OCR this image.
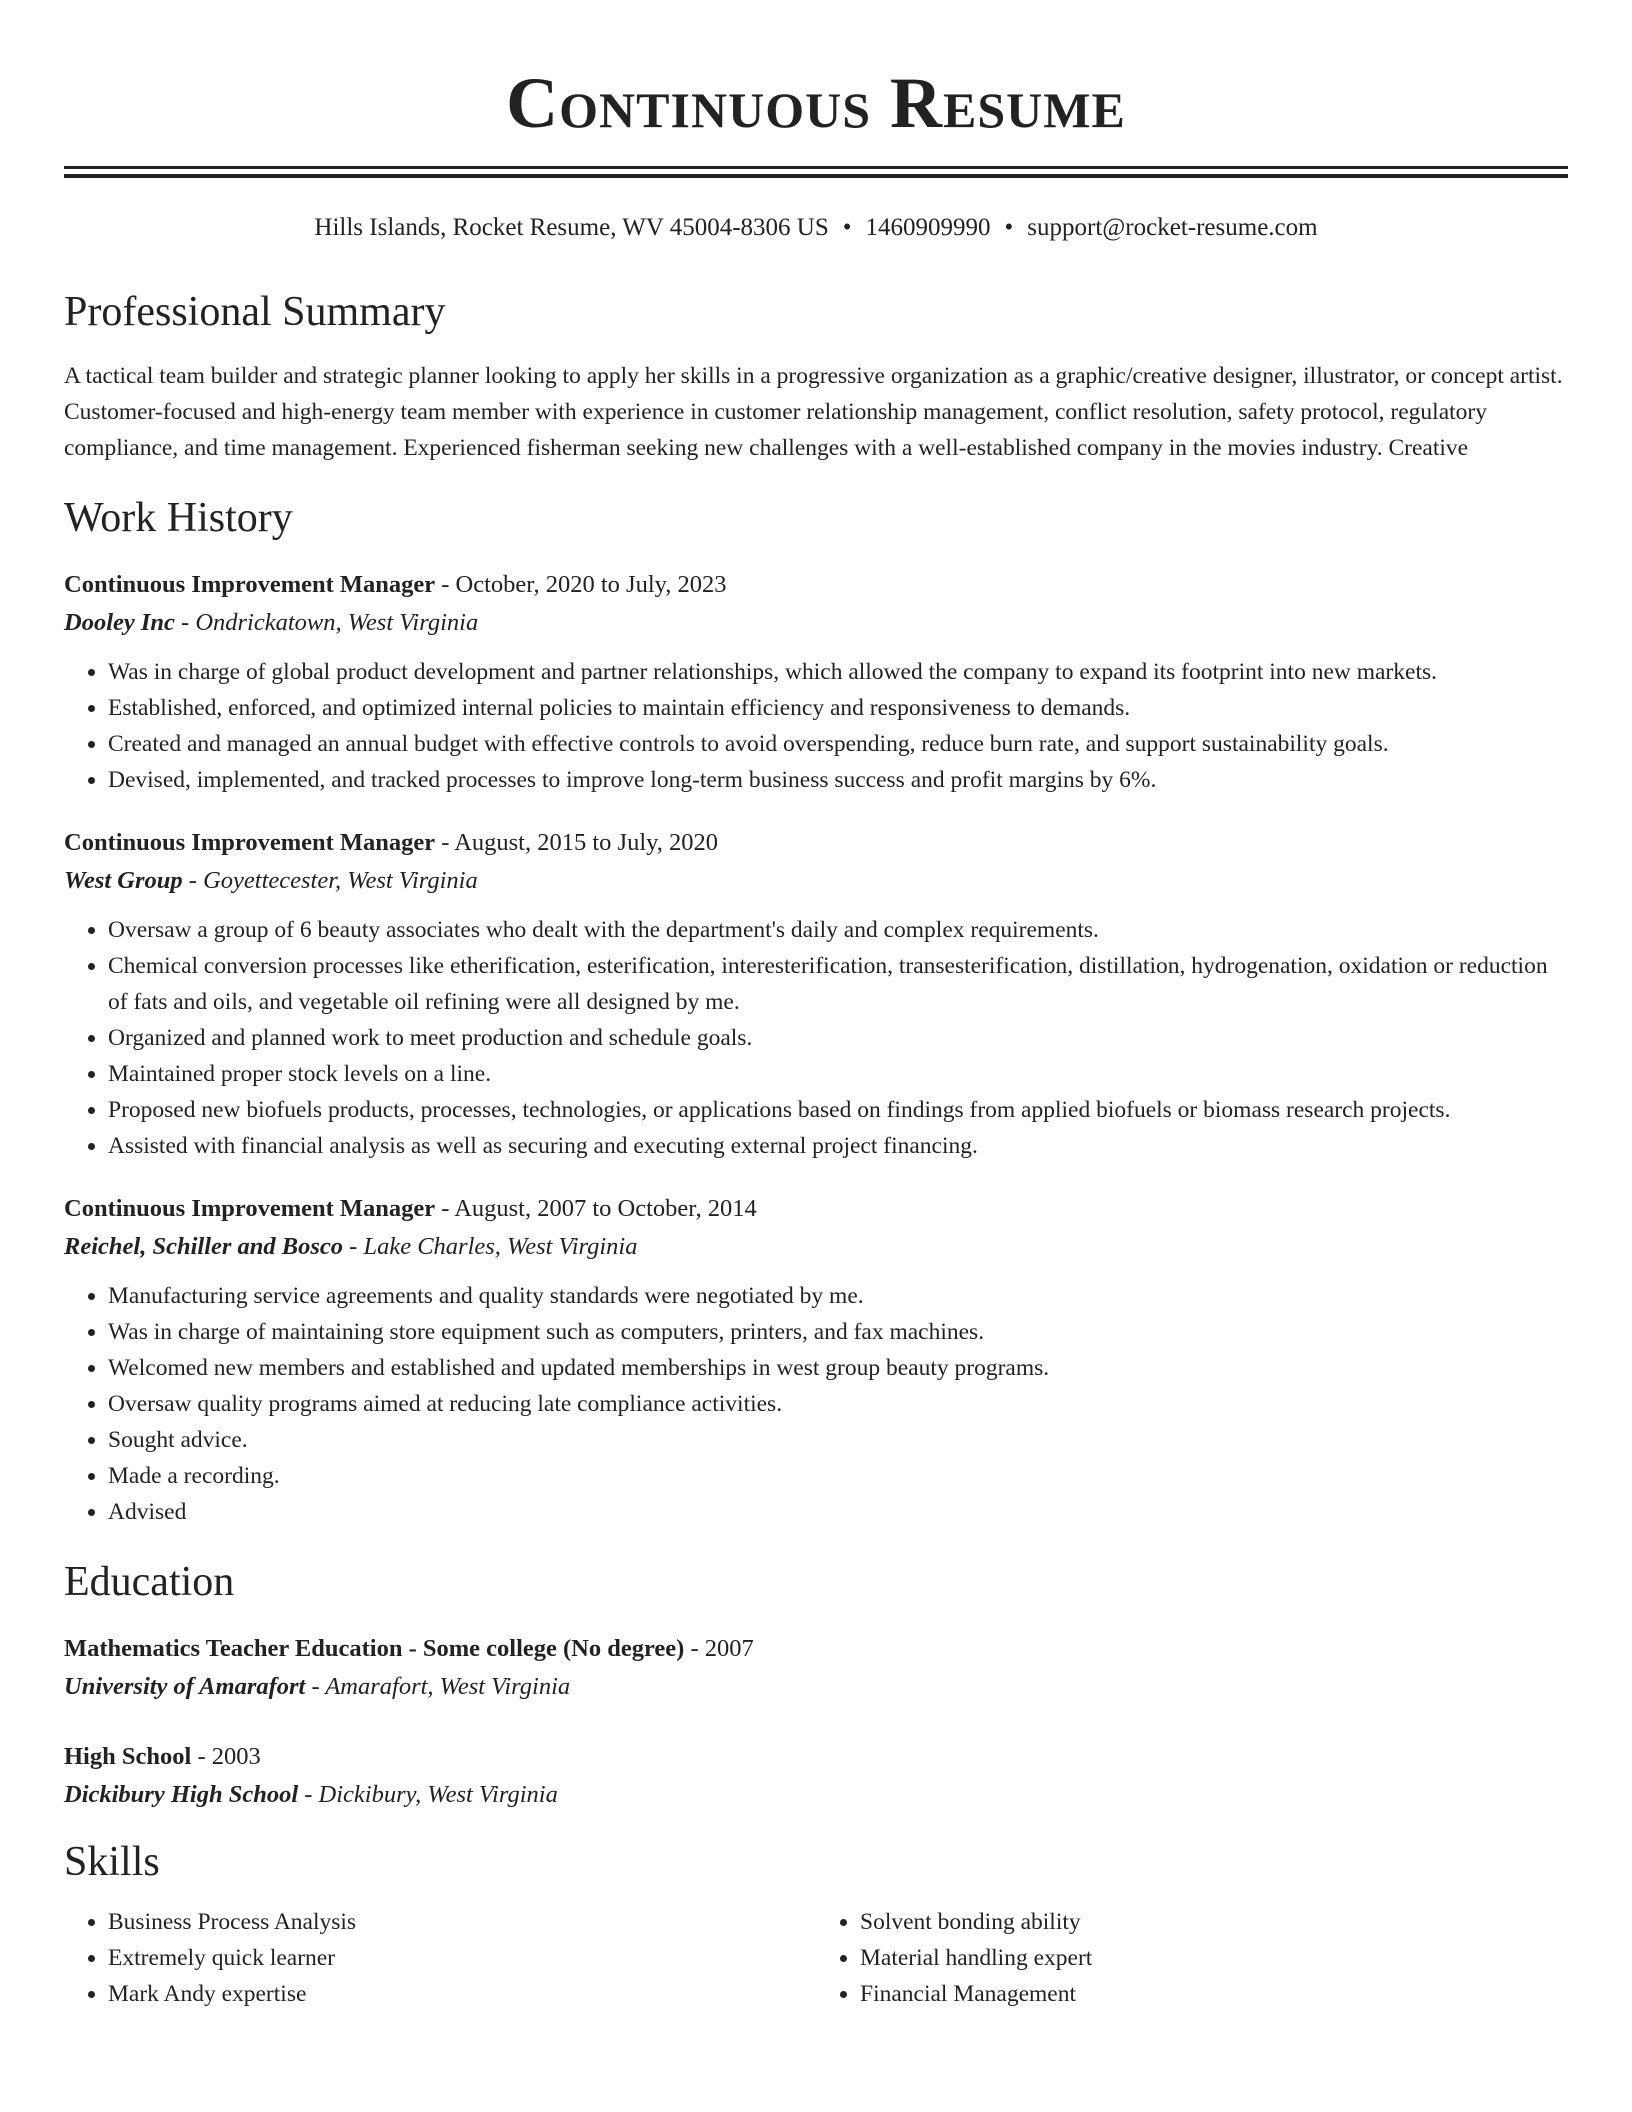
Continuous Resume
Hills Islands, Rocket Resume, WV 45004-8306 US • 1460909990 • support@rocket-resume.com
Professional Summary
A tactical team builder and strategic planner looking to apply her skills in a progressive organization as a graphic/creative designer, illustrator, or concept artist. Customer-focused and high-energy team member with experience in customer relationship management, conflict resolution, safety protocol, regulatory compliance, and time management. Experienced fisherman seeking new challenges with a well-established company in the movies industry. Creative
Work History
Continuous Improvement Manager - October, 2020 to July, 2023
Dooley Inc - Ondrickatown, West Virginia
• Was in charge of global product development and partner relationships, which allowed the company to expand its footprint into new markets.
• Established, enforced, and optimized internal policies to maintain efficiency and responsiveness to demands.
• Created and managed an annual budget with effective controls to avoid overspending, reduce burn rate, and support sustainability goals.
• Devised, implemented, and tracked processes to improve long-term business success and profit margins by 6%.
Continuous Improvement Manager - August, 2015 to July, 2020
West Group - Goyettecester, West Virginia
• Oversaw a group of 6 beauty associates who dealt with the department's daily and complex requirements.
• Chemical conversion processes like etherification, esterification, interesterification, transesterification, distillation, hydrogenation, oxidation or reduction of fats and oils, and vegetable oil refining were all designed by me.
• Organized and planned work to meet production and schedule goals.
• Maintained proper stock levels on a line.
• Proposed new biofuels products, processes, technologies, or applications based on findings from applied biofuels or biomass research projects.
• Assisted with financial analysis as well as securing and executing external project financing.
Continuous Improvement Manager - August, 2007 to October, 2014
Reichel, Schiller and Bosco - Lake Charles, West Virginia
• Manufacturing service agreements and quality standards were negotiated by me.
• Was in charge of maintaining store equipment such as computers, printers, and fax machines.
• Welcomed new members and established and updated memberships in west group beauty programs.
• Oversaw quality programs aimed at reducing late compliance activities.
• Sought advice.
• Made a recording.
• Advised
Education
Mathematics Teacher Education - Some college (No degree) - 2007
University of Amarafort - Amarafort, West Virginia
High School - 2003
Dickibury High School - Dickibury, West Virginia
Skills
• Business Process Analysis
• Extremely quick learner
• Mark Andy expertise
• Solvent bonding ability
• Material handling expert
• Financial Management
